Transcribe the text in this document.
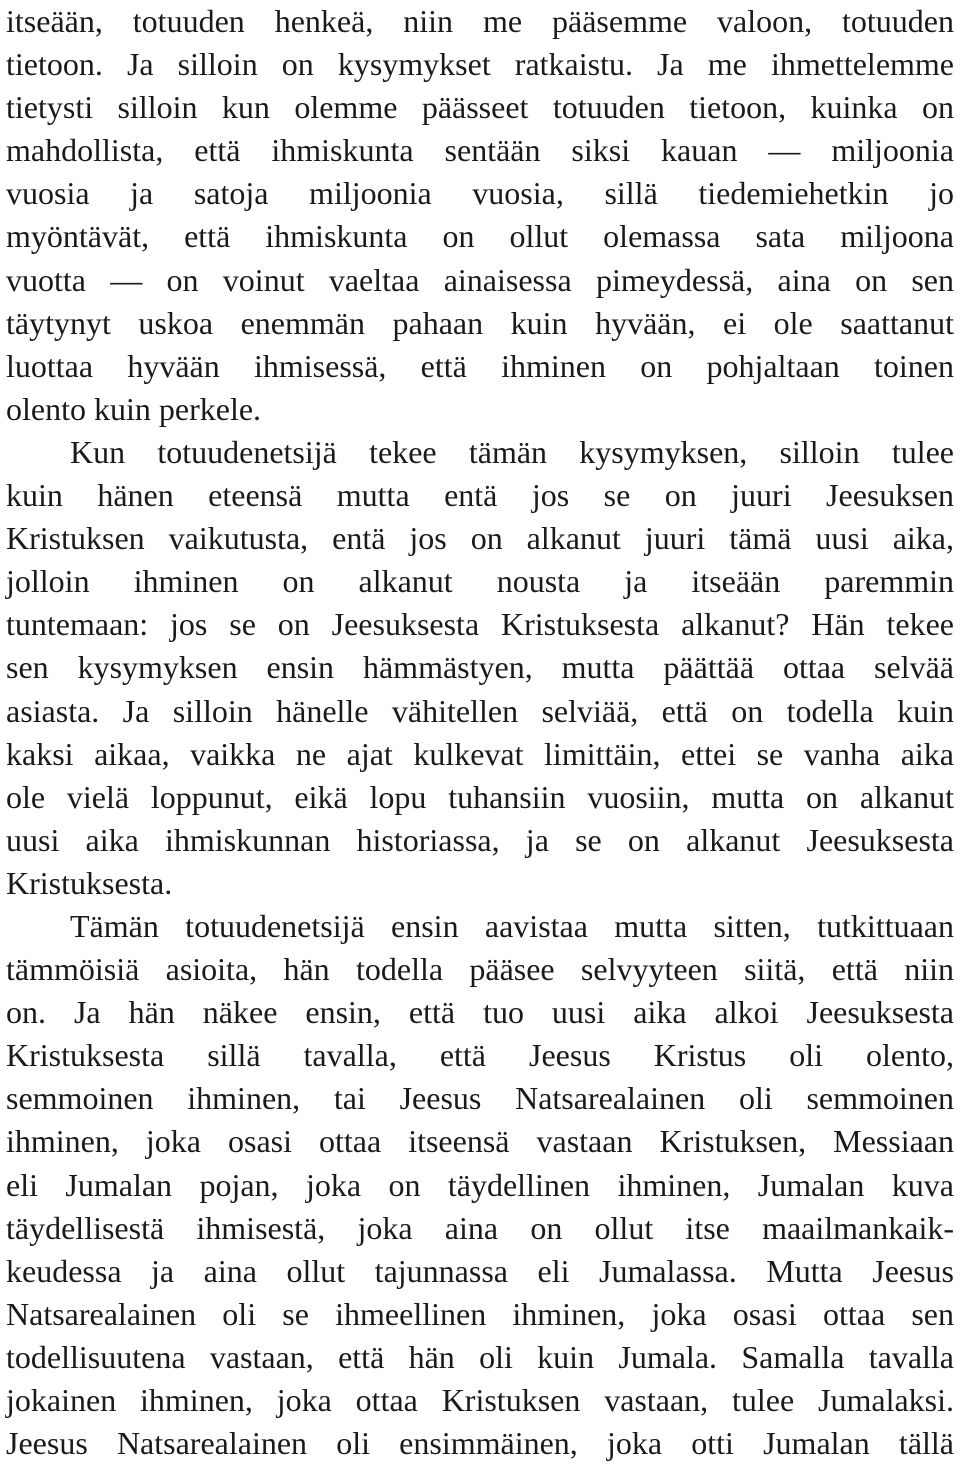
itseään, totuuden henkeä, niin me pääsemme valoon, totuuden
tietoon. Ja silloin on kysymykset ratkaistu. Ja me ihmettelemme
tietysti silloin kun olemme päässeet totuuden tietoon, kuinka on
mahdollista, että ihmiskunta sentään siksi kauan ― miljoonia
vuosia ja satoja miljoonia vuosia, sillä tiedemiehetkin jo
myöntävät, että ihmiskunta on ollut olemassa sata miljoona
vuotta ― on voinut vaeltaa ainaisessa pimeydessä, aina on sen
täytynyt uskoa enemmän pahaan kuin hyvään, ei ole saattanut
luottaa hyvään ihmisessä, että ihminen on pohjaltaan toinen
olento kuin perkele.
Kun totuudenetsijä tekee tämän kysymyksen, silloin tulee
kuin hänen eteensä mutta entä jos se on juuri Jeesuksen
Kristuksen vaikutusta, entä jos on alkanut juuri tämä uusi aika,
jolloin ihminen on alkanut nousta ja itseään paremmin
tuntemaan: jos se on Jeesuksesta Kristuksesta alkanut? Hän tekee
sen kysymyksen ensin hämmästyen, mutta päättää ottaa selvää
asiasta. Ja silloin hänelle vähitellen selviää, että on todella kuin
kaksi aikaa, vaikka ne ajat kulkevat limittäin, ettei se vanha aika
ole vielä loppunut, eikä lopu tuhansiin vuosiin, mutta on alkanut
uusi aika ihmiskunnan historiassa, ja se on alkanut Jeesuksesta
Kristuksesta.
Tämän totuudenetsijä ensin aavistaa mutta sitten, tutkittuaan
tämmöisiä asioita, hän todella pääsee selvyyteen siitä, että niin
on. Ja hän näkee ensin, että tuo uusi aika alkoi Jeesuksesta
Kristuksesta sillä tavalla, että Jeesus Kristus oli olento,
semmoinen ihminen, tai Jeesus Natsarealainen oli semmoinen
ihminen, joka osasi ottaa itseensä vastaan Kristuksen, Messiaan
eli Jumalan pojan, joka on täydellinen ihminen, Jumalan kuva
täydellisestä ihmisestä, joka aina on ollut itse maailmankaik-
keudessa ja aina ollut tajunnassa eli Jumalassa. Mutta Jeesus
Natsarealainen oli se ihmeellinen ihminen, joka osasi ottaa sen
todellisuutena vastaan, että hän oli kuin Jumala. Samalla tavalla
jokainen ihminen, joka ottaa Kristuksen vastaan, tulee Jumalaksi.
Jeesus Natsarealainen oli ensimmäinen, joka otti Jumalan tällä
